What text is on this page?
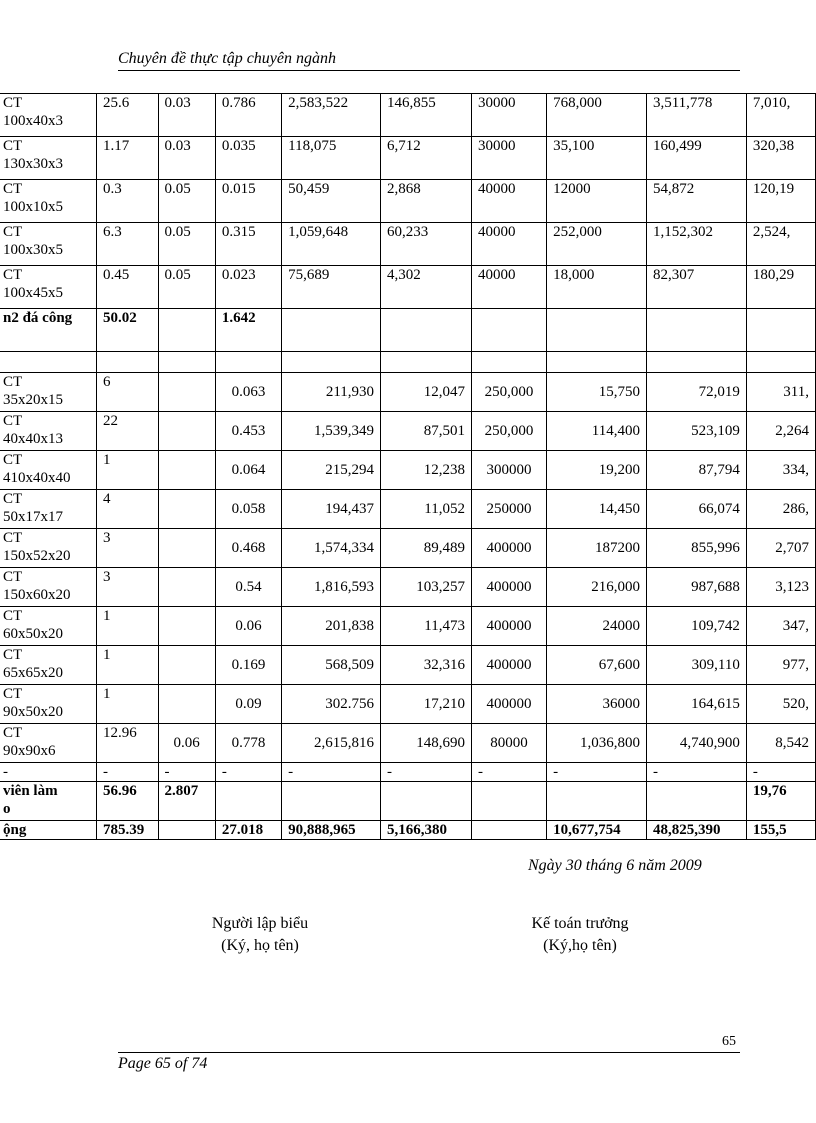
Chuyên đề thực tập chuyên ngành
CT
100x40x3	25.6	0.03	0.786	2,583,522	146,855	30000	768,000	3,511,778	7,010,

CT
130x30x3	1.17	0.03	0.035	118,075	6,712	30000	35,100	160,499	320,38

CT
100x10x5	0.3	0.05	0.015	50,459	2,868	40000	12000	54,872	120,19

CT
100x30x5	6.3	0.05	0.315	1,059,648	60,233	40000	252,000	1,152,302	2,524,

CT
100x45x5	0.45	0.05	0.023	75,689	4,302	40000	18,000	82,307	180,29
n2 đá công	50.02		1.642						

CT
35x20x15	6		0.063	211,930	12,047	250,000	15,750	72,019	311,

CT
40x40x13	22		0.453	1,539,349	87,501	250,000	114,400	523,109	2,264

CT
410x40x40	1		0.064	215,294	12,238	300000	19,200	87,794	334,

CT
50x17x17	4		0.058	194,437	11,052	250000	14,450	66,074	286,

CT
150x52x20	3		0.468	1,574,334	89,489	400000	187200	855,996	2,707

CT
150x60x20	3		0.54	1,816,593	103,257	400000	216,000	987,688	3,123

CT
60x50x20	1		0.06	201,838	11,473	400000	24000	109,742	347,

CT
65x65x20	1		0.169	568,509	32,316	400000	67,600	309,110	977,

CT
90x50x20	1		0.09	302.756	17,210	400000	36000	164,615	520,

CT
90x90x6	12.96	0.06	0.778	2,615,816	148,690	80000	1,036,800	4,740,900	8,542
-	-	-	-	-	-	-	-	-	-

viên làm
o	56.96	2.807							19,76
ộng	785.39		27.018	90,888,965	5,166,380		10,677,754	48,825,390	155,5
Ngày 30 tháng 6 năm 2009
Người lập biểu
(Ký, họ tên)
Kế toán trưởng
(Ký,họ tên)
65
Page 65 of 74
